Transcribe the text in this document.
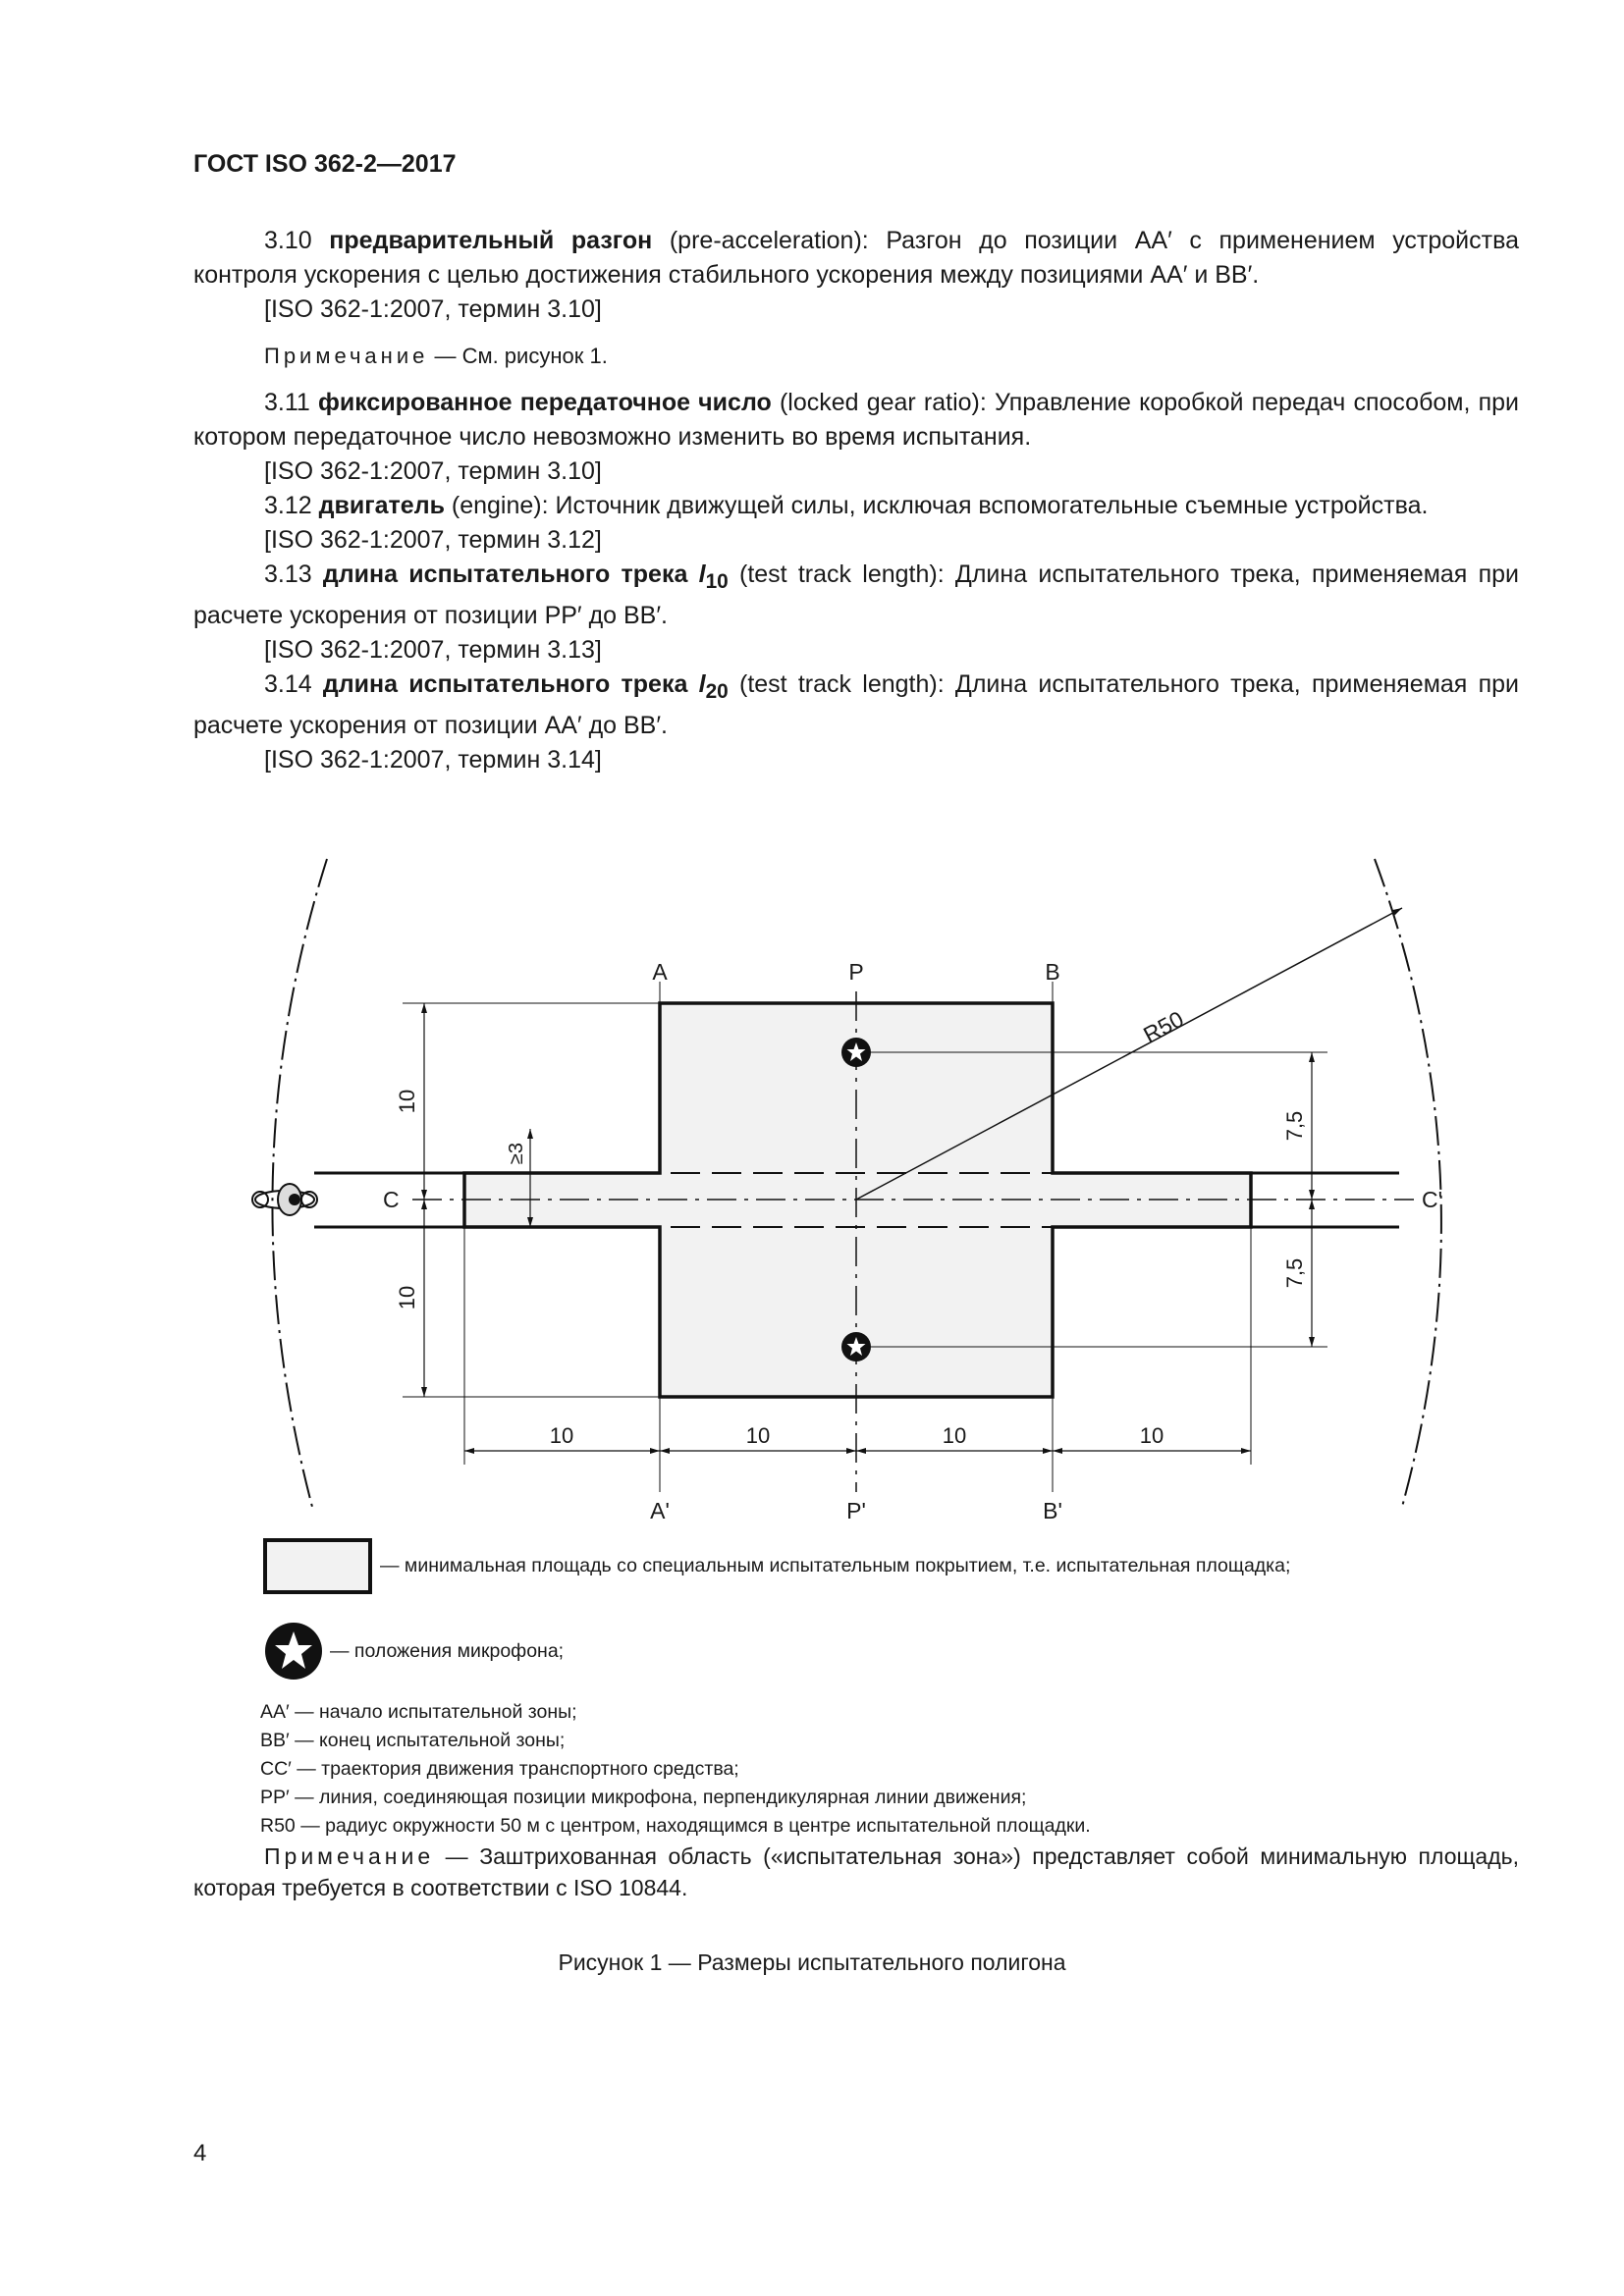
ГОСТ ISO 362-2—2017

3.10 предварительный разгон (pre-acceleration): Разгон до позиции АА′ с применением устройства контроля ускорения с целью достижения стабильного ускорения между позициями АА′ и ВВ′.

[ISO 362-1:2007, термин 3.10]

Примечание — См. рисунок 1.

3.11 фиксированное передаточное число (locked gear ratio): Управление коробкой передач способом, при котором передаточное число невозможно изменить во время испытания.

[ISO 362-1:2007, термин 3.10]

3.12 двигатель (engine): Источник движущей силы, исключая вспомогательные съемные устройства.

[ISO 362-1:2007, термин 3.12]

3.13 длина испытательного трека $l_{10}$ (test track length): Длина испытательного трека, применяемая при расчете ускорения от позиции РР′ до ВВ′.

[ISO 362-1:2007, термин 3.13]

3.14 длина испытательного трека $l_{20}$ (test track length): Длина испытательного трека, применяемая при расчете ускорения от позиции АА′ до ВВ′.

[ISO 362-1:2007, термин 3.14]

A	P	B
A'	P'	B'
C	C'
R50
10
10
≥3
7,5
7,5
10	10	10	10
— минимальная площадь со специальным испытательным покрытием, т.е. испытательная площадка;
— положения микрофона;
АА′ — начало испытательной зоны;
ВВ′ — конец испытательной зоны;
СС′ — траектория движения транспортного средства;
РР′ — линия, соединяющая позиции микрофона, перпендикулярная линии движения;
R50 — радиус окружности 50 м с центром, находящимся в центре испытательной площадки.
Примечание — Заштрихованная область («испытательная зона») представляет собой минимальную площадь, которая требуется в соответствии с ISO 10844.
Рисунок 1 — Размеры испытательного полигона
4
